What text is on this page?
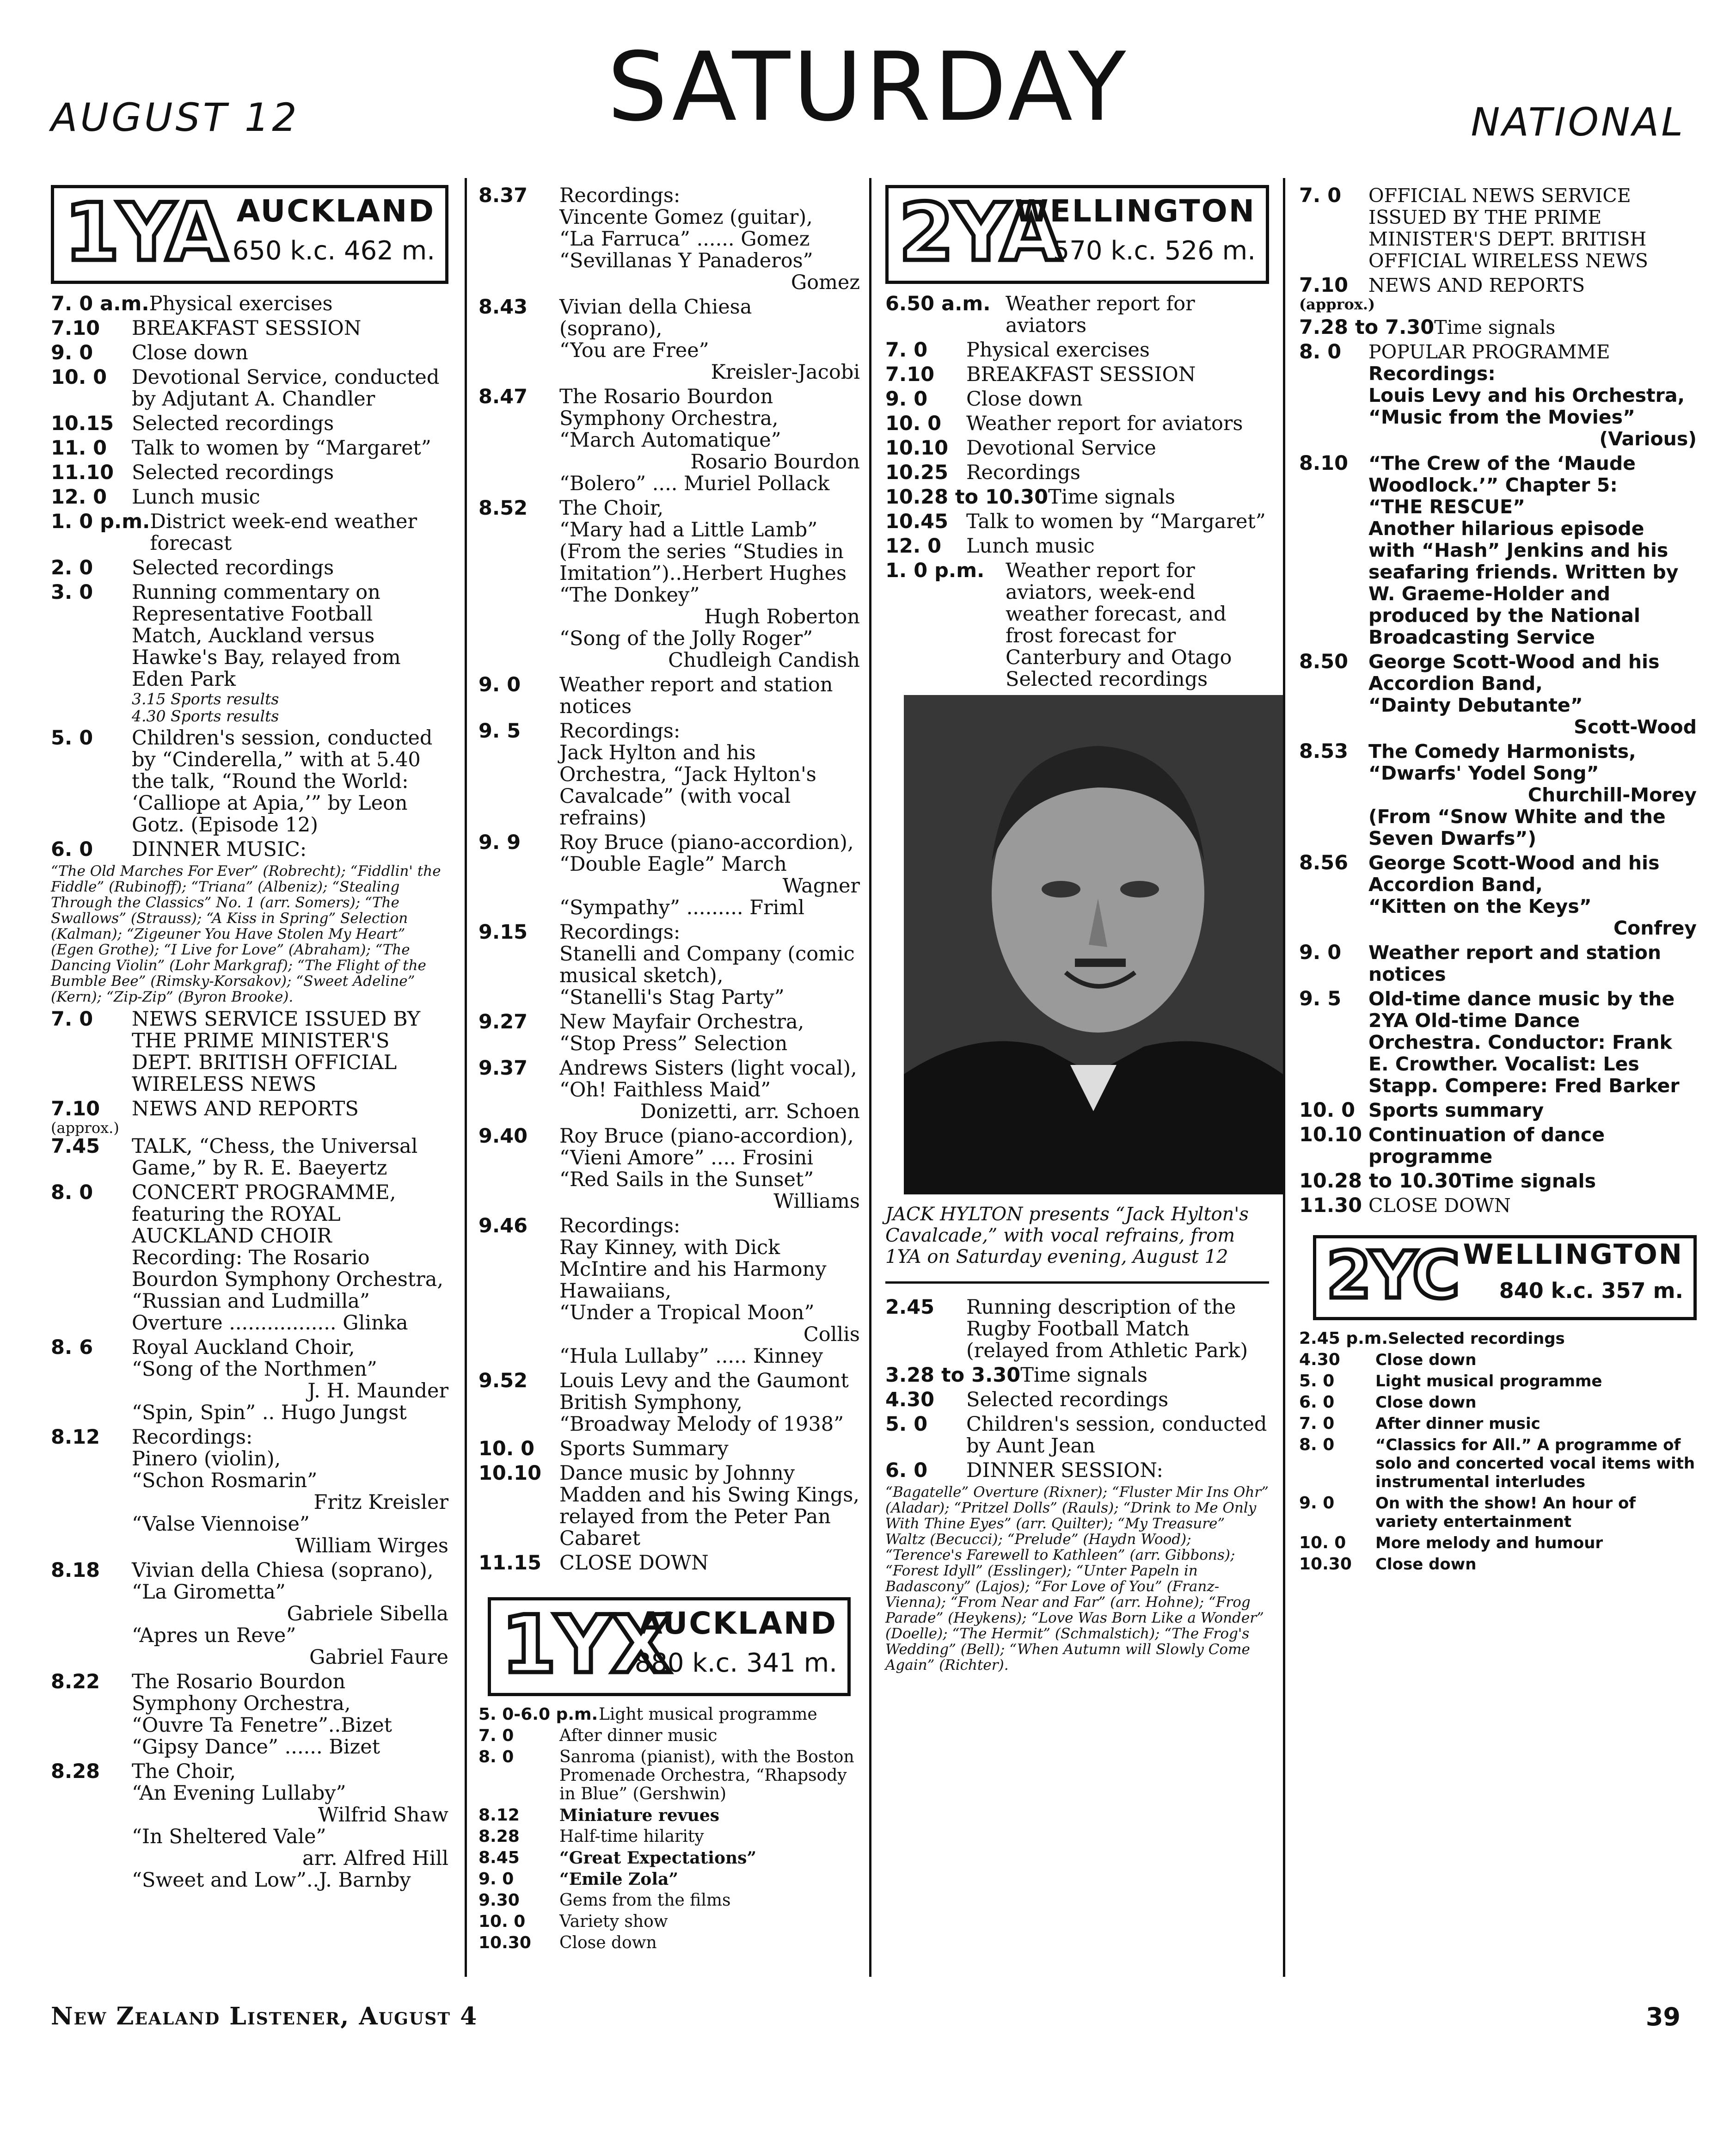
AUGUST 12	SATURDAY	NATIONAL
1YA AUCKLAND
650 k.c. 462 m.
7. 0 a.m. Physical exercises
7.10	BREAKFAST SESSION
9. 0	Close down
10. 0	Devotional Service, conducted by Adjutant A. Chandler
10.15 Selected recordings
11. 0	Talk to women by “Margaret”
11.10 Selected recordings
12. 0	Lunch music
1. 0 p.m. District week-end weather forecast
2. 0	Selected recordings
3. 0	Running commentary on Representative Football Match, Auckland versus Hawke's Bay, relayed from Eden Park
3.15 Sports results
4.30 Sports results
5. 0	Children's session, conducted by “Cinderella,” with at 5.40 the talk, “Round the World: ‘Calliope at Apia,’” by Leon Gotz. (Episode 12)
6. 0	DINNER MUSIC:
“The Old Marches For Ever” (Robrecht); “Fiddlin' the Fiddle” (Rubinoff); “Triana” (Albeniz); “Stealing Through the Classics” No. 1 (arr. Somers); “The Swallows” (Strauss); “A Kiss in Spring” Selection (Kalman); “Zigeuner You Have Stolen My Heart” (Egen Grothe); “I Live for Love” (Abraham); “The Dancing Violin” (Lohr Markgraf); “The Flight of the Bumble Bee” (Rimsky-Korsakov); “Sweet Adeline” (Kern); “Zip-Zip” (Byron Brooke).
7. 0	NEWS SERVICE ISSUED BY THE PRIME MINISTER'S DEPT. BRITISH OFFICIAL WIRELESS NEWS
7.10	NEWS AND REPORTS
(approx.)
7.45	TALK, “Chess, the Universal Game,” by R. E. Baeyertz
8. 0	CONCERT PROGRAMME, featuring the ROYAL AUCKLAND CHOIR
Recording: The Rosario Bourdon Symphony Orchestra,
“Russian and Ludmilla” Overture ................. Glinka
8. 6	Royal Auckland Choir,
“Song of the Northmen”
J. H. Maunder
“Spin, Spin” .. Hugo Jungst
8.12	Recordings:
Pinero (violin),
“Schon Rosmarin”
Fritz Kreisler
“Valse Viennoise”
William Wirges
8.18	Vivian della Chiesa (soprano),
“La Girometta”
Gabriele Sibella
“Apres un Reve”
Gabriel Faure
8.22	The Rosario Bourdon Symphony Orchestra,
“Ouvre Ta Fenetre”..Bizet
“Gipsy Dance” ...... Bizet
8.28	The Choir,
“An Evening Lullaby”
Wilfrid Shaw
“In Sheltered Vale”
arr. Alfred Hill
“Sweet and Low”..J. Barnby
8.37	Recordings:
Vincente Gomez (guitar),
“La Farruca” ...... Gomez
“Sevillanas Y Panaderos”
Gomez
8.43	Vivian della Chiesa (soprano),
“You are Free”
Kreisler-Jacobi
8.47	The Rosario Bourdon Symphony Orchestra,
“March Automatique”
Rosario Bourdon
“Bolero” .... Muriel Pollack
8.52	The Choir,
“Mary had a Little Lamb” (From the series “Studies in Imitation”)..Herbert Hughes
“The Donkey”
Hugh Roberton
“Song of the Jolly Roger”
Chudleigh Candish
9. 0	Weather report and station notices
9. 5	Recordings:
Jack Hylton and his Orchestra, “Jack Hylton's Cavalcade” (with vocal refrains)
9. 9	Roy Bruce (piano-accordion),
“Double Eagle” March
Wagner
“Sympathy” ......... Friml
9.15	Recordings:
Stanelli and Company (comic musical sketch),
“Stanelli's Stag Party”
9.27	New Mayfair Orchestra,
“Stop Press” Selection
9.37	Andrews Sisters (light vocal),
“Oh! Faithless Maid”
Donizetti, arr. Schoen
9.40	Roy Bruce (piano-accordion),
“Vieni Amore” .... Frosini
“Red Sails in the Sunset”
Williams
9.46	Recordings:
Ray Kinney, with Dick McIntire and his Harmony Hawaiians,
“Under a Tropical Moon”
Collis
“Hula Lullaby” ..... Kinney
9.52	Louis Levy and the Gaumont British Symphony,
“Broadway Melody of 1938”
10. 0	Sports Summary
10.10 Dance music by Johnny Madden and his Swing Kings, relayed from the Peter Pan Cabaret
11.15 CLOSE DOWN
1YX
AUCKLAND
880 k.c. 341 m.
5. 0-6.0 p.m. Light musical programme
7. 0	After dinner music
8. 0	Sanroma (pianist), with the Boston Promenade Orchestra, “Rhapsody in Blue” (Gershwin)
8.12	Miniature revues
8.28	Half-time hilarity
8.45	“Great Expectations”
9. 0	“Emile Zola”
9.30	Gems from the films
10. 0	Variety show
10.30	Close down
2YA
WELLINGTON
570 k.c. 526 m.
6.50 a.m. Weather report for aviators
7. 0	Physical exercises
7.10	BREAKFAST SESSION
9. 0	Close down
10. 0	Weather report for aviators
10.10 Devotional Service
10.25 Recordings
10.28 to 10.30 Time signals
10.45 Talk to women by “Margaret”
12. 0	Lunch music
1. 0 p.m.	Weather report for aviators, week-end weather forecast, and frost forecast for Canterbury and Otago
Selected recordings
JACK HYLTON presents “Jack Hylton's Cavalcade,” with vocal refrains, from 1YA on Saturday evening, August 12
2.45	Running description of the Rugby Football Match (relayed from Athletic Park)
3.28 to 3.30 Time signals
4.30	Selected recordings
5. 0	Children's session, conducted by Aunt Jean
6. 0	DINNER SESSION:
“Bagatelle” Overture (Rixner); “Fluster Mir Ins Ohr” (Aladar); “Pritzel Dolls” (Rauls); “Drink to Me Only With Thine Eyes” (arr. Quilter); “My Treasure” Waltz (Becucci); “Prelude” (Haydn Wood); “Terence's Farewell to Kathleen” (arr. Gibbons); “Forest Idyll” (Esslinger); “Unter Papeln in Badascony” (Lajos); “For Love of You” (Franz-Vienna); “From Near and Far” (arr. Hohne); “Frog Parade” (Heykens); “Love Was Born Like a Wonder” (Doelle); “The Hermit” (Schmalstich); “The Frog's Wedding” (Bell); “When Autumn will Slowly Come Again” (Richter).
7. 0	OFFICIAL NEWS SERVICE ISSUED BY THE PRIME MINISTER'S DEPT. BRITISH OFFICIAL WIRELESS NEWS
7.10	NEWS AND REPORTS
(approx.)
7.28 to 7.30 Time signals
8. 0	POPULAR PROGRAMME
Recordings:
Louis Levy and his Orchestra, “Music from the Movies”
(Various)
8.10	“The Crew of the ‘Maude Woodlock.’” Chapter 5:
“THE RESCUE”
Another hilarious episode with “Hash” Jenkins and his seafaring friends. Written by W. Graeme-Holder and produced by the National Broadcasting Service
8.50	George Scott-Wood and his Accordion Band,
“Dainty Debutante”
Scott-Wood
8.53	The Comedy Harmonists,
“Dwarfs' Yodel Song”
Churchill-Morey
(From “Snow White and the Seven Dwarfs”)
8.56	George Scott-Wood and his Accordion Band,
“Kitten on the Keys”
Confrey
9. 0	Weather report and station notices
9. 5	Old-time dance music by the 2YA Old-time Dance Orchestra. Conductor: Frank E. Crowther. Vocalist: Les Stapp. Compere: Fred Barker
10. 0 Sports summary
10.10 Continuation of dance programme
10.28 to 10.30 Time signals
11.30 CLOSE DOWN
2YC WELLINGTON
840 k.c. 357 m.
2.45 p.m. Selected recordings
4.30	Close down
5. 0	Light musical programme
6. 0	Close down
7. 0	After dinner music
8. 0	“Classics for All.” A programme of solo and concerted vocal items with instrumental interludes
9. 0	On with the show! An hour of variety entertainment
10. 0	More melody and humour
10.30	Close down
New Zealand Listener, August 4	39
